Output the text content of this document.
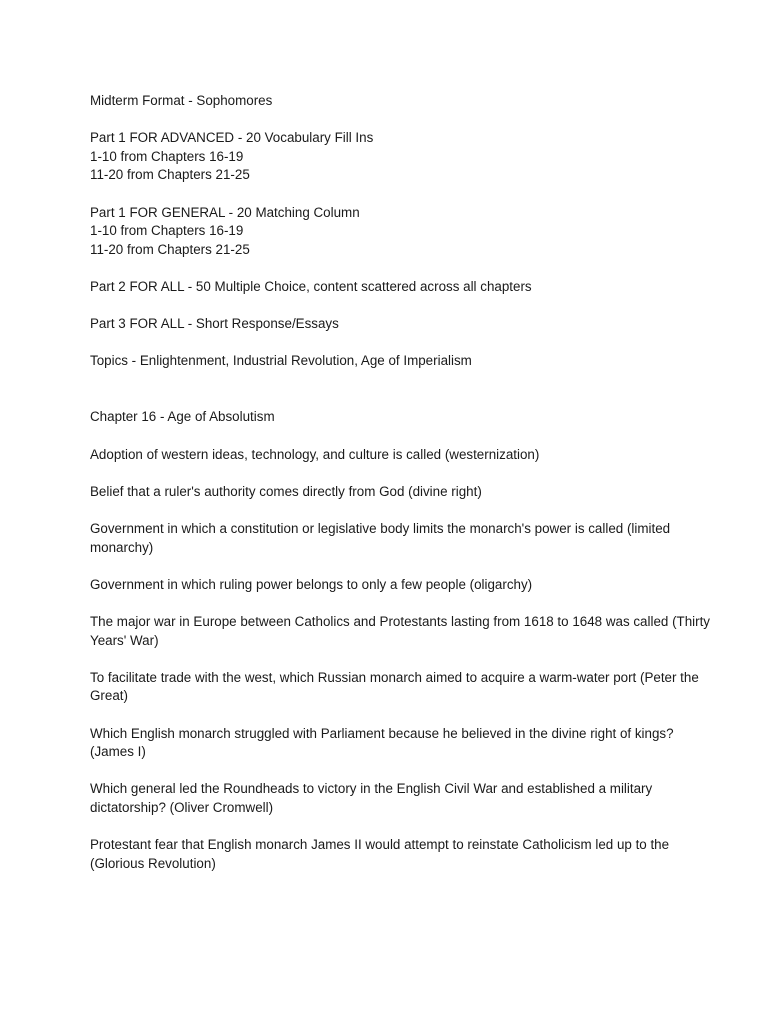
Midterm Format - Sophomores

Part 1 FOR ADVANCED - 20 Vocabulary Fill Ins

1-10 from Chapters 16-19

11-20 from Chapters 21-25

Part 1 FOR GENERAL - 20 Matching Column

1-10 from Chapters 16-19

11-20 from Chapters 21-25

Part 2 FOR ALL - 50 Multiple Choice, content scattered across all chapters

Part 3 FOR ALL - Short Response/Essays

Topics - Enlightenment, Industrial Revolution, Age of Imperialism

Chapter 16 - Age of Absolutism

Adoption of western ideas, technology, and culture is called (westernization)

Belief that a ruler's authority comes directly from God (divine right)

Government in which a constitution or legislative body limits the monarch's power is called (limited monarchy)

Government in which ruling power belongs to only a few people (oligarchy)

The major war in Europe between Catholics and Protestants lasting from 1618 to 1648 was called (Thirty Years' War)

To facilitate trade with the west, which Russian monarch aimed to acquire a warm-water port (Peter the Great)

Which English monarch struggled with Parliament because he believed in the divine right of kings? (James I)

Which general led the Roundheads to victory in the English Civil War and established a military dictatorship? (Oliver Cromwell)

Protestant fear that English monarch James II would attempt to reinstate Catholicism led up to the (Glorious Revolution)
